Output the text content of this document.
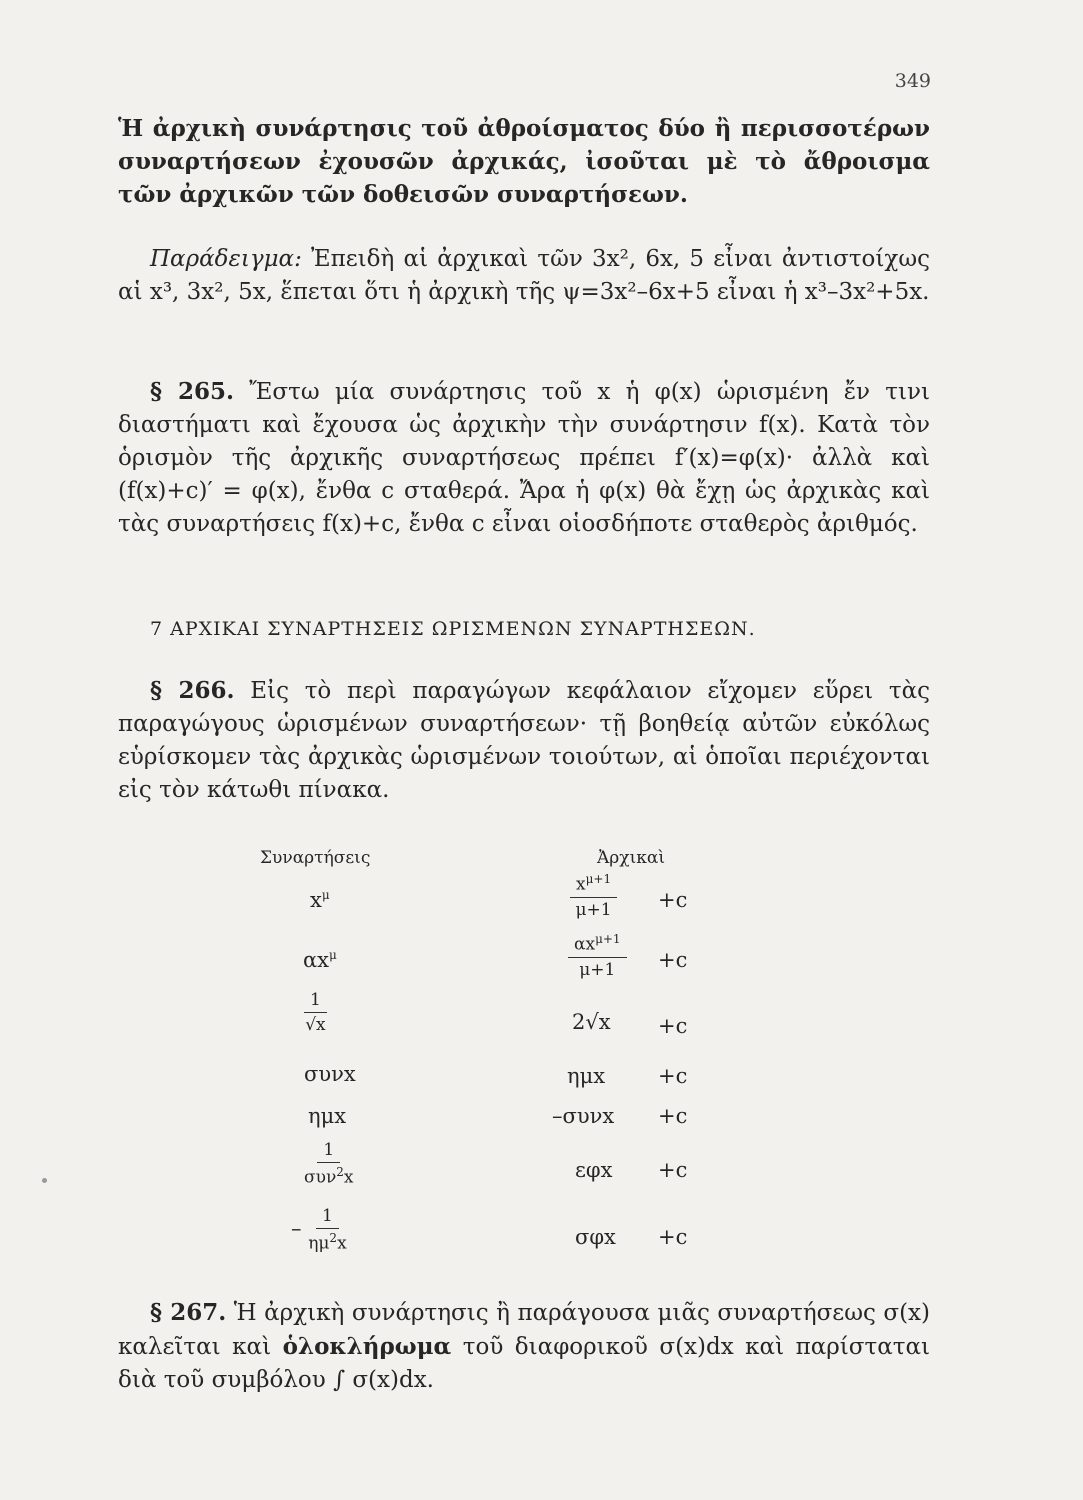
349

Ἡ ἀρχικὴ συνάρτησις τοῦ ἀθροίσματος δύο ἢ περισσοτέρων συναρτήσεων ἐχουσῶν ἀρχικάς, ἰσοῦται μὲ τὸ ἄθροισμα τῶν ἀρχικῶν τῶν δοθεισῶν συναρτήσεων.

Παράδειγμα: Ἐπειδὴ αἱ ἀρχικαὶ τῶν 3x², 6x, 5 εἶναι ἀντιστοίχως αἱ x³, 3x², 5x, ἕπεται ὅτι ἡ ἀρχικὴ τῆς ψ=3x²–6x+5 εἶναι ἡ x³–3x²+5x.

§ 265. Ἔστω μία συνάρτησις τοῦ x ἡ φ(x) ὡρισμένη ἔν τινι διαστήματι καὶ ἔχουσα ὡς ἀρχικὴν τὴν συνάρτησιν f(x). Κατὰ τὸν ὁρισμὸν τῆς ἀρχικῆς συναρτήσεως πρέπει f′(x)=φ(x)· ἀλλὰ καὶ (f(x)+c)′ = φ(x), ἔνθα c σταθερά. Ἄρα ἡ φ(x) θὰ ἔχῃ ὡς ἀρχικὰς καὶ τὰς συναρτήσεις f(x)+c, ἔνθα c εἶναι οἱοσδήποτε σταθερὸς ἀριθμός.

7 ΑΡΧΙΚΑΙ ΣΥΝΑΡΤΗΣΕΙΣ ΩΡΙΣΜΕΝΩΝ ΣΥΝΑΡΤΗΣΕΩΝ.

§ 266. Εἰς τὸ περὶ παραγώγων κεφάλαιον εἴχομεν εὕρει τὰς παραγώγους ὡρισμένων συναρτήσεων· τῇ βοηθείᾳ αὐτῶν εὐκόλως εὑρίσκομεν τὰς ἀρχικὰς ὡρισμένων τοιούτων, αἱ ὁποῖαι περιέχονται εἰς τὸν κάτωθι πίνακα.

Συναρτήσεις	Ἀρχικαὶ
$x^\mu$	$\frac{x^{\mu+1}}{\mu+1} +c$
$\alpha x^\mu$	$\frac{\alpha x^{\mu+1}}{\mu+1} +c$
$\frac{1}{√x}$	2√x +c
συνx	ημx	+c
ημx	–συνx +c
$\frac{1}{\sigma\upsilon\nu^2x}$	εφx +c
– $\frac{1}{\eta\mu^2x}$	σφx +c

§ 267. Ἡ ἀρχικὴ συνάρτησις ἢ παράγουσα μιᾶς συναρτήσεως σ(x) καλεῖται καὶ ὁλοκλήρωμα τοῦ διαφορικοῦ σ(x)dx καὶ παρίσταται διὰ τοῦ συμβόλου ∫ σ(x)dx.
